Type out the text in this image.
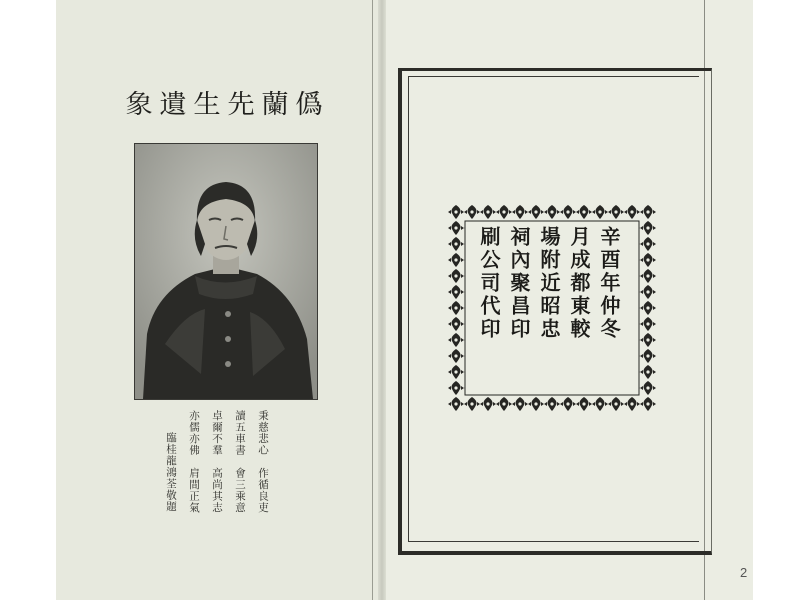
象 遺 生 先 蘭 僞
秉慈悲心　作循良吏
讀五車書　會三乘意
卓爾不羣　高尚其志
亦儒亦佛　肩間正氣
臨桂龍鴻荃敬題
辛酉年仲冬
月成都東較
場附近昭忠
祠內聚昌印
刷公司代印
2
